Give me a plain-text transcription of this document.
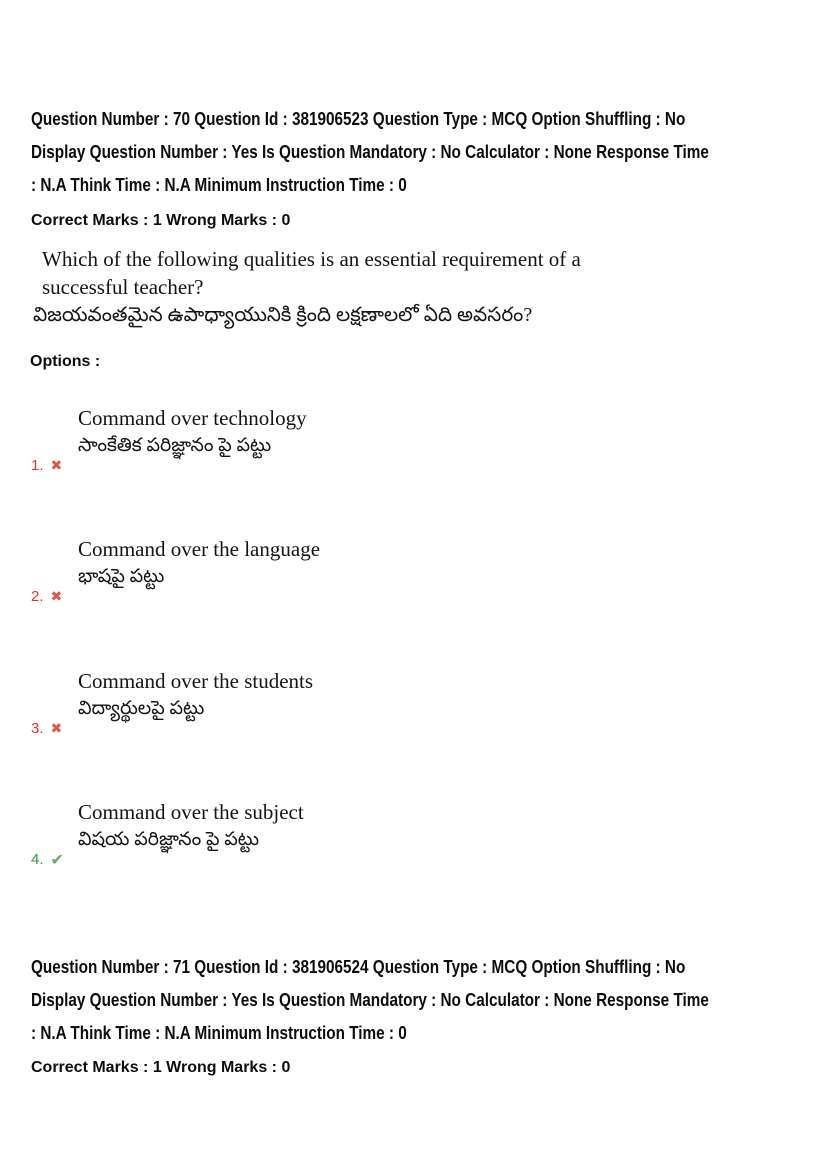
Question Number : 70 Question Id : 381906523 Question Type : MCQ Option Shuffling : No
Display Question Number : Yes Is Question Mandatory : No Calculator : None Response Time
: N.A Think Time : N.A Minimum Instruction Time : 0
Correct Marks : 1 Wrong Marks : 0
Which of the following qualities is an essential requirement of a
successful teacher?
విజయవంతమైన ఉపాధ్యాయునికి క్రింది లక్షణాలలో ఏది అవసరం?
Options :
Command over technology
సాంకేతిక పరిజ్ఞానం పై పట్టు
1. ✖
Command over the language
భాషపై పట్టు
2. ✖
Command over the students
విద్యార్థులపై పట్టు
3. ✖
Command over the subject
విషయ పరిజ్ఞానం పై పట్టు
4. ✔
Question Number : 71 Question Id : 381906524 Question Type : MCQ Option Shuffling : No
Display Question Number : Yes Is Question Mandatory : No Calculator : None Response Time
: N.A Think Time : N.A Minimum Instruction Time : 0
Correct Marks : 1 Wrong Marks : 0
